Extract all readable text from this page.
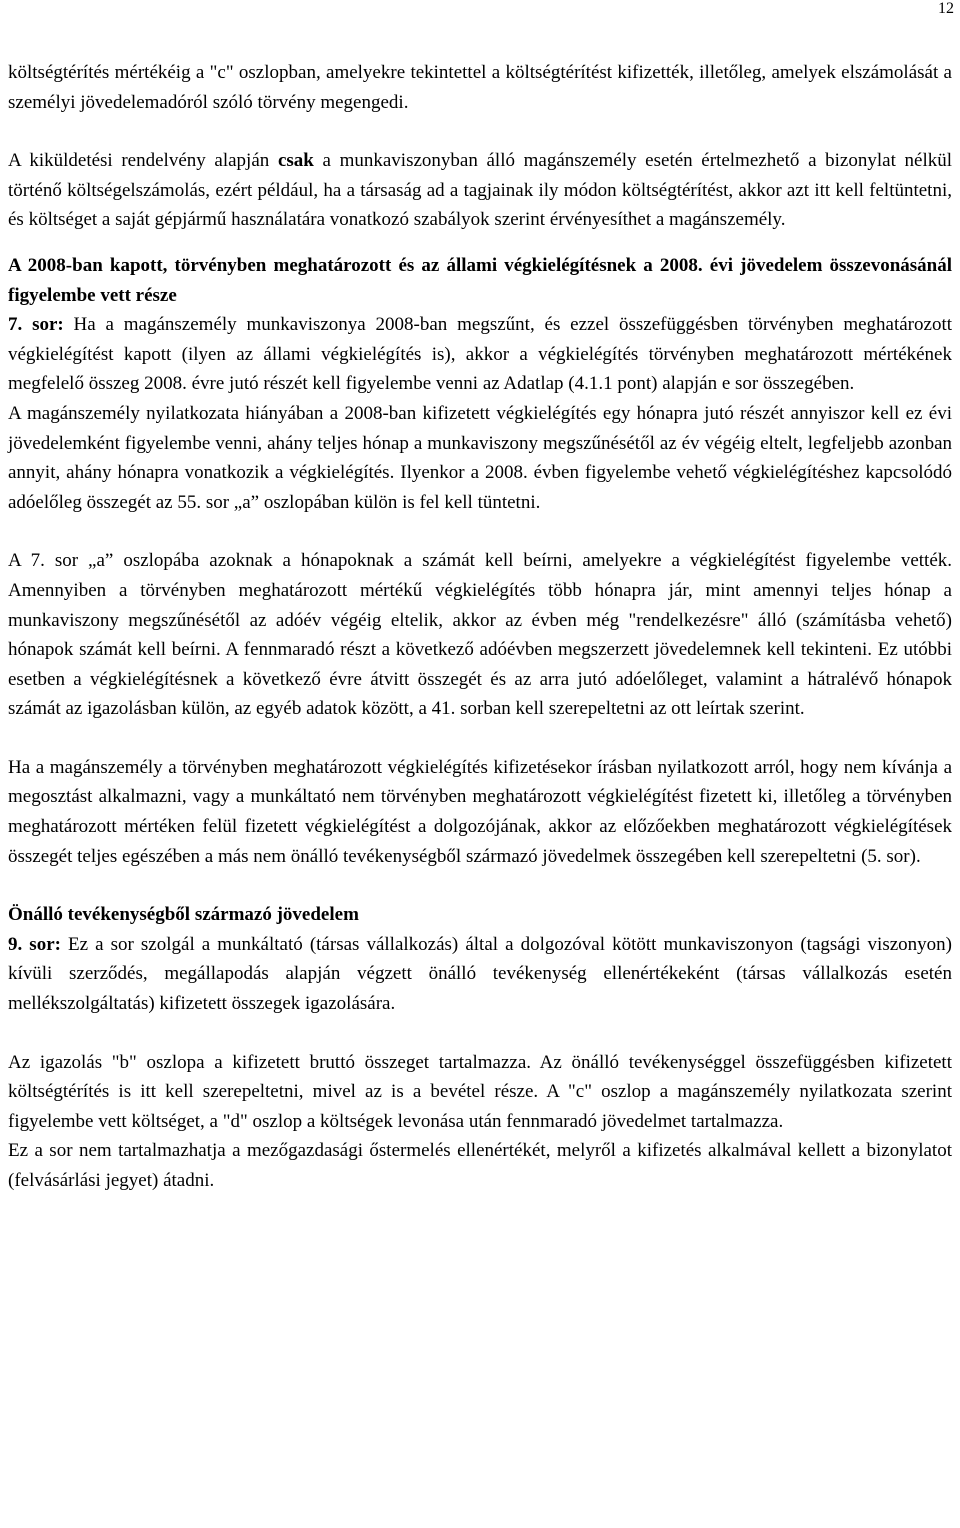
12

költségtérítés mértékéig a "c" oszlopban, amelyekre tekintettel a költségtérítést kifizették, illetőleg, amelyek elszámolását a személyi jövedelemadóról szóló törvény megengedi.

A kiküldetési rendelvény alapján csak a munkaviszonyban álló magánszemély esetén értelmezhető a bizonylat nélkül történő költségelszámolás, ezért például, ha a társaság ad a tagjainak ily módon költségtérítést, akkor azt itt kell feltüntetni, és költséget a saját gépjármű használatára vonatkozó szabályok szerint érvényesíthet a magánszemély.

A 2008-ban kapott, törvényben meghatározott és az állami végkielégítésnek a 2008. évi jövedelem összevonásánál figyelembe vett része

7. sor: Ha a magánszemély munkaviszonya 2008-ban megszűnt, és ezzel összefüggésben törvényben meghatározott végkielégítést kapott (ilyen az állami végkielégítés is), akkor a végkielégítés törvényben meghatározott mértékének megfelelő összeg 2008. évre jutó részét kell figyelembe venni az Adatlap (4.1.1 pont) alapján e sor összegében.

A magánszemély nyilatkozata hiányában a 2008-ban kifizetett végkielégítés egy hónapra jutó részét annyiszor kell ez évi jövedelemként figyelembe venni, ahány teljes hónap a munkaviszony megszűnésétől az év végéig eltelt, legfeljebb azonban annyit, ahány hónapra vonatkozik a végkielégítés. Ilyenkor a 2008. évben figyelembe vehető végkielégítéshez kapcsolódó adóelőleg összegét az 55. sor „a” oszlopában külön is fel kell tüntetni.

A 7. sor „a” oszlopába azoknak a hónapoknak a számát kell beírni, amelyekre a végkielégítést figyelembe vették. Amennyiben a törvényben meghatározott mértékű végkielégítés több hónapra jár, mint amennyi teljes hónap a munkaviszony megszűnésétől az adóév végéig eltelik, akkor az évben még "rendelkezésre" álló (számításba vehető) hónapok számát kell beírni. A fennmaradó részt a következő adóévben megszerzett jövedelemnek kell tekinteni. Ez utóbbi esetben a végkielégítésnek a következő évre átvitt összegét és az arra jutó adóelőleget, valamint a hátralévő hónapok számát az igazolásban külön, az egyéb adatok között, a 41. sorban kell szerepeltetni az ott leírtak szerint.

Ha a magánszemély a törvényben meghatározott végkielégítés kifizetésekor írásban nyilatkozott arról, hogy nem kívánja a megosztást alkalmazni, vagy a munkáltató nem törvényben meghatározott végkielégítést fizetett ki, illetőleg a törvényben meghatározott mértéken felül fizetett végkielégítést a dolgozójának, akkor az előzőekben meghatározott végkielégítések összegét teljes egészében a más nem önálló tevékenységből származó jövedelmek összegében kell szerepeltetni (5. sor).

Önálló tevékenységből származó jövedelem

9. sor: Ez a sor szolgál a munkáltató (társas vállalkozás) által a dolgozóval kötött munkaviszonyon (tagsági viszonyon) kívüli szerződés, megállapodás alapján végzett önálló tevékenység ellenértékeként (társas vállalkozás esetén mellékszolgáltatás) kifizetett összegek igazolására.

Az igazolás "b" oszlopa a kifizetett bruttó összeget tartalmazza. Az önálló tevékenységgel összefüggésben kifizetett költségtérítés is itt kell szerepeltetni, mivel az is a bevétel része. A "c" oszlop a magánszemély nyilatkozata szerint figyelembe vett költséget, a "d" oszlop a költségek levonása után fennmaradó jövedelmet tartalmazza.

Ez a sor nem tartalmazhatja a mezőgazdasági őstermelés ellenértékét, melyről a kifizetés alkalmával kellett a bizonylatot (felvásárlási jegyet) átadni.
